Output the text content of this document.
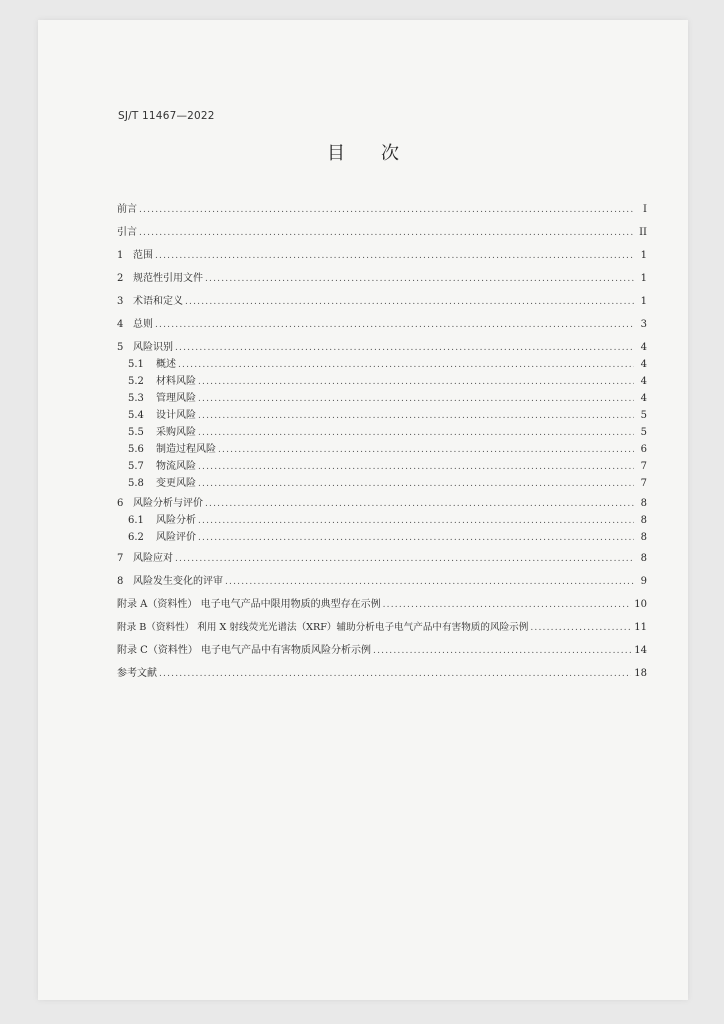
SJ/T 11467—2022
目 次
前言 .....	I
引言 .....	II
1 范围 .....	1
2 规范性引用文件 .....	1
3 术语和定义 .....	1
4 总则 .....	3
5 风险识别 .....	4
5.1 概述 .....	4
5.2 材料风险 .....	4
5.3 管理风险 .....	4
5.4 设计风险 .....	5
5.5 采购风险 .....	5
5.6 制造过程风险 .....	6
5.7 物流风险 .....	7
5.8 变更风险 .....	7
6 风险分析与评价 .....	8
6.1 风险分析 .....	8
6.2 风险评价 .....	8
7 风险应对 .....	8
8 风险发生变化的评审 .....	9
附录 A（资料性） 电子电气产品中限用物质的典型存在示例 .....	10
附录 B（资料性） 利用 X 射线荧光光谱法（XRF）辅助分析电子电气产品中有害物质的风险示例 .....	11
附录 C（资料性） 电子电气产品中有害物质风险分析示例 .....	14
参考文献 .....	18
